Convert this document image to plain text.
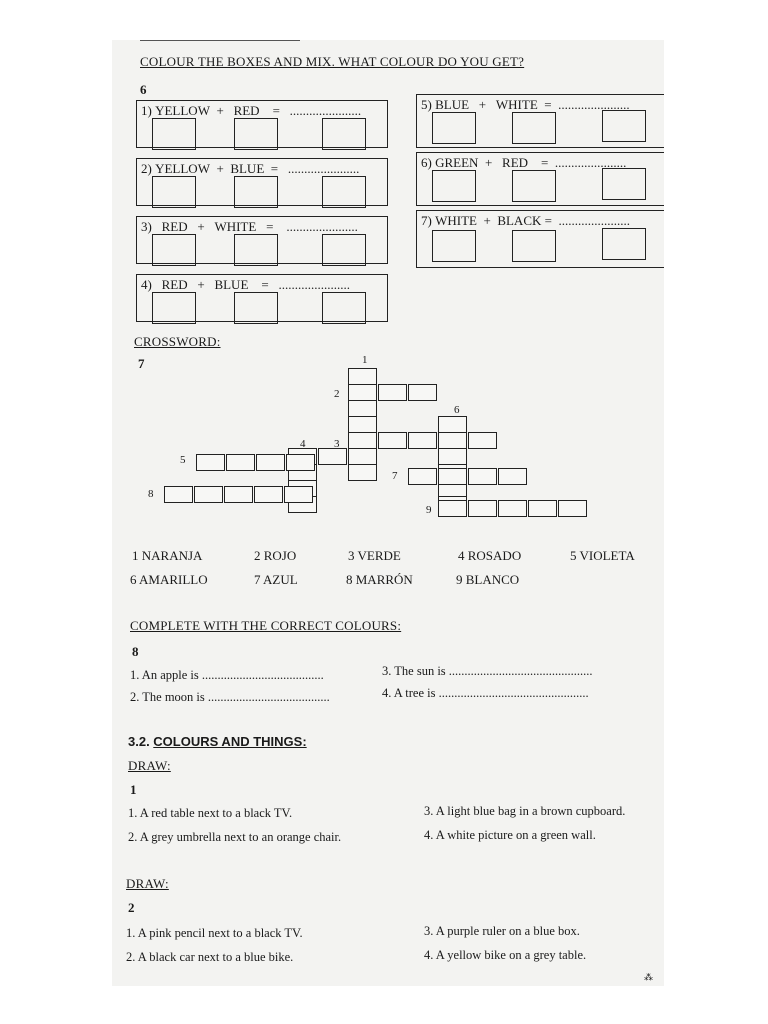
COLOUR THE BOXES AND MIX. WHAT COLOUR DO YOU GET?
6
1) YELLOW + RED = ......................
2) YELLOW + BLUE = ......................
3) RED + WHITE = ......................
4) RED + BLUE = ......................
5) BLUE + WHITE = ......................
6) GREEN + RED = ......................
7) WHITE + BLACK = ......................
CROSSWORD:
7	1
2
3
4
5
6
7
8
9
1 NARANJA	2 ROJO	3 VERDE	4 ROSADO	5 VIOLETA
6 AMARILLO	7 AZUL	8 MARRÓN	9 BLANCO
COMPLETE WITH THE CORRECT COLOURS:
8
1. An apple is .......................................
2. The moon is .......................................
3. The sun is ..............................................
4. A tree is ................................................
3.2. COLOURS AND THINGS:
DRAW:
1
1. A red table next to a black TV.
2. A grey umbrella next to an orange chair.
3. A light blue bag in a brown cupboard.
4. A white picture on a green wall.
DRAW:
2
1. A pink pencil next to a black TV.
2. A black car next to a blue bike.
3. A purple ruler on a blue box.
4. A yellow bike on a grey table.
⁂
